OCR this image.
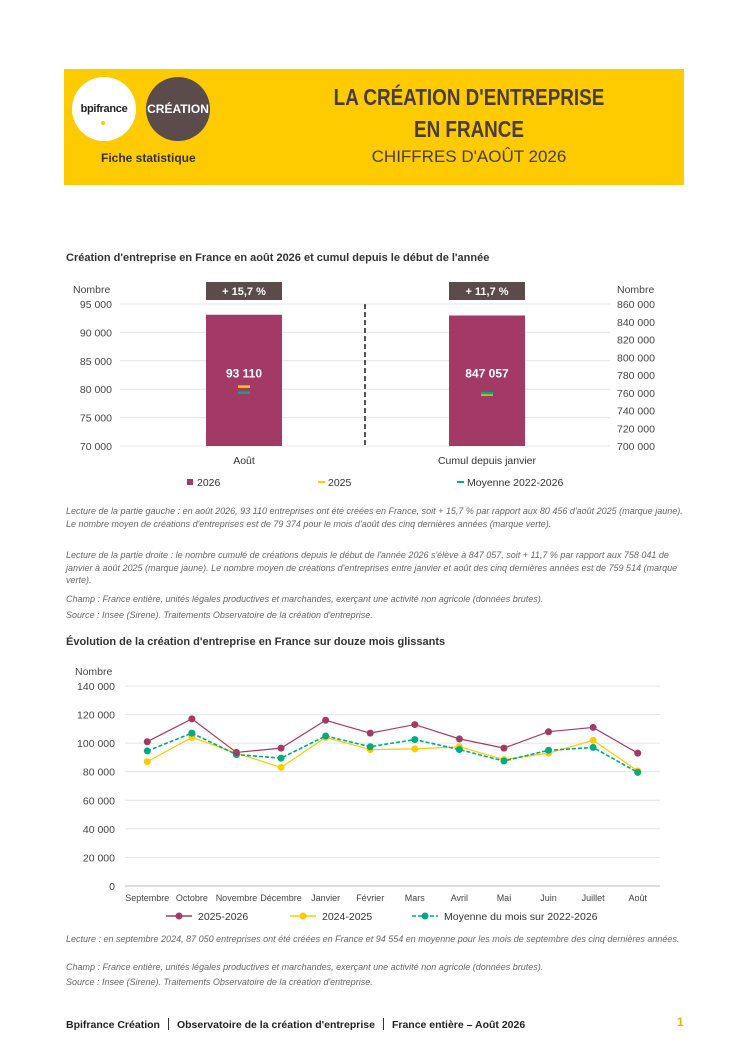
bpifrance CRÉATION
Fiche statistique
LA CRÉATION D'ENTREPRISE
EN FRANCE
CHIFFRES D'AOÛT 2026
Création d'entreprise en France en août 2026 et cumul depuis le début de l'année
95 000
90 000
85 000
80 000
75 000
70 000
860 000
840 000
820 000
800 000
780 000
760 000
740 000
720 000
700 000
Nombre	Nombre
93 110
+ 15,7 %
Août
847 057
+ 11,7 %
Cumul depuis janvier
2026	2025	Moyenne 2022-2026
Lecture de la partie gauche : en août 2026, 93 110 entreprises ont été créées en France, soit + 15,7 % par rapport aux 80 456 d'août 2025 (marque jaune). Le nombre moyen de créations d'entreprises est de 79 374 pour le mois d'août des cinq dernières années (marque verte).
Lecture de la partie droite : le nombre cumulé de créations depuis le début de l'année 2026 s'élève à 847 057, soit + 11,7 % par rapport aux 758 041 de janvier à août 2025 (marque jaune). Le nombre moyen de créations d'entreprises entre janvier et août des cinq dernières années est de 759 514 (marque verte).
Champ : France entière, unités légales productives et marchandes, exerçant une activité non agricole (données brutes).
Source : Insee (Sirene). Traitements Observatoire de la création d'entreprise.
Évolution de la création d'entreprise en France sur douze mois glissants
140 000
120 000
100 000
80 000
60 000
40 000
20 000
0
Nombre
Septembre Octobre Novembre Décembre Janvier Février Mars	Avril	Mai	Juin	Juillet	Août
2025-2026	2024-2025	Moyenne du mois sur 2022-2026
Lecture : en septembre 2024, 87 050 entreprises ont été créées en France et 94 554 en moyenne pour les mois de septembre des cinq dernières années.
Champ : France entière, unités légales productives et marchandes, exerçant une activité non agricole (données brutes).
Source : Insee (Sirene). Traitements Observatoire de la création d'entreprise.
Bpifrance Création Observatoire de la création d'entreprise France entière – Août 2026	1
